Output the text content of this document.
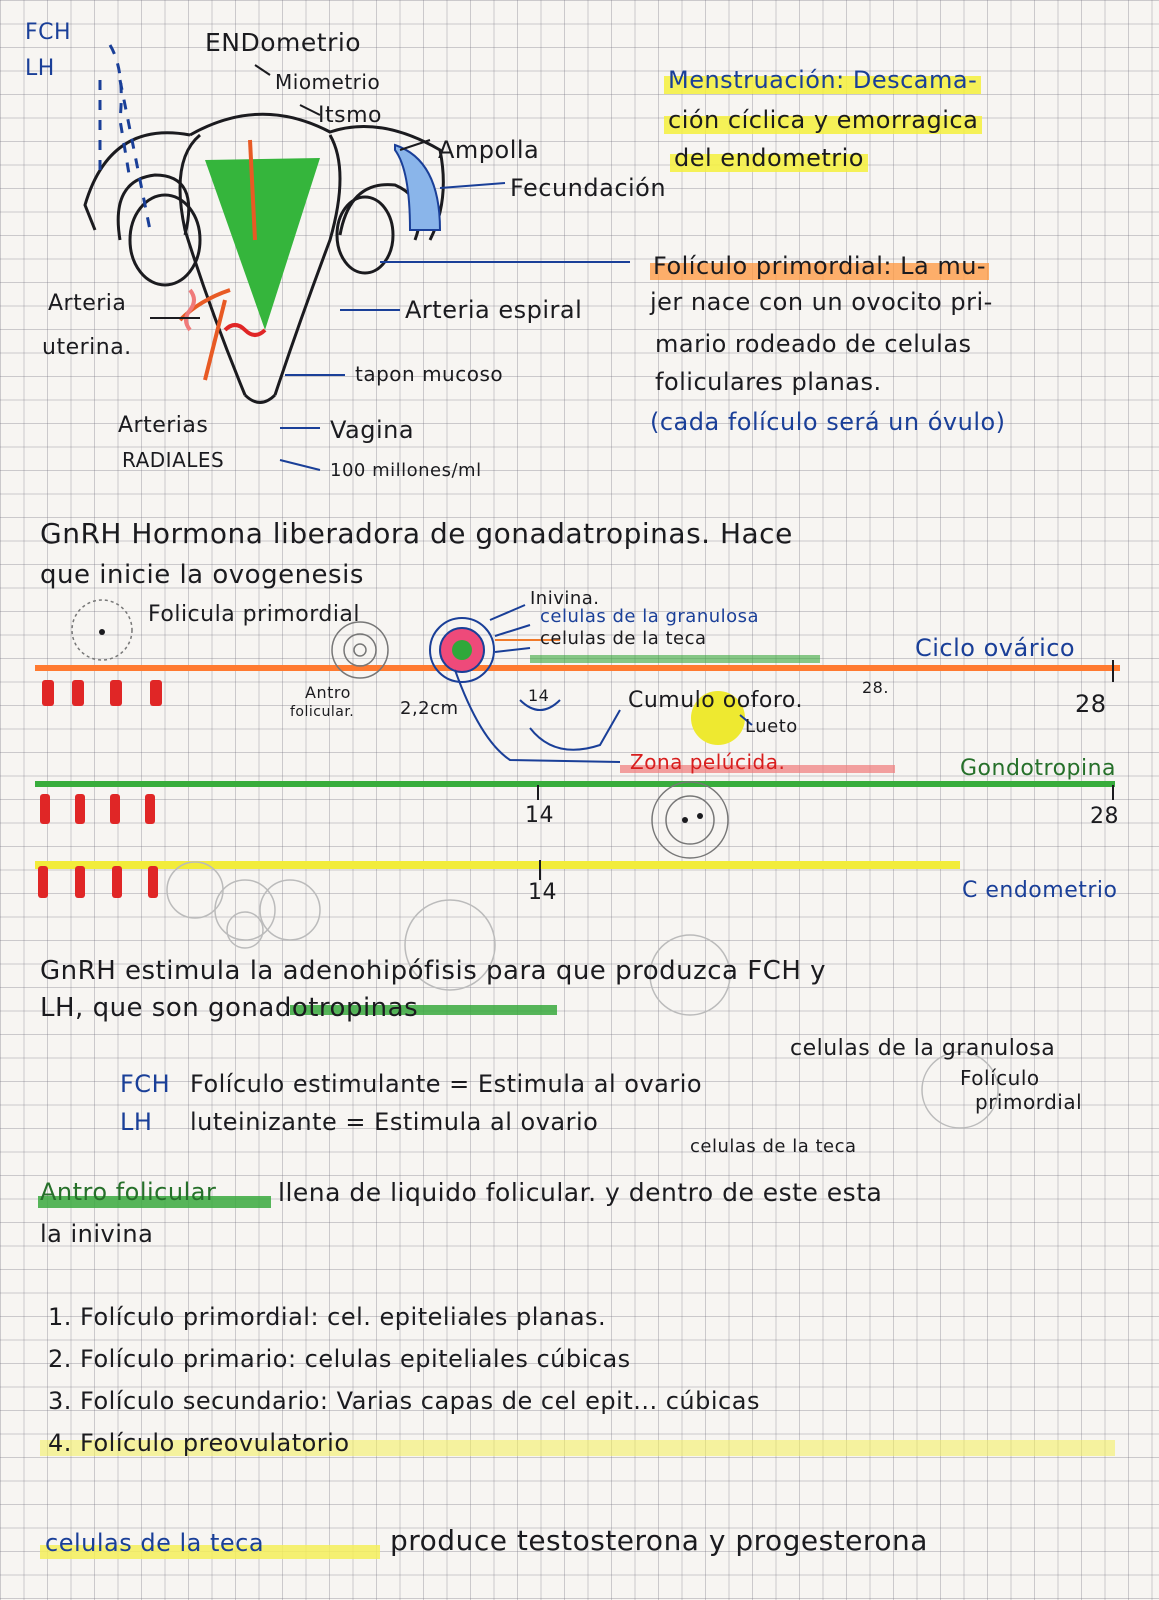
FCH
LH
ENDometrio
Miometrio
Itsmo
Ampolla
Fecundación
Arteria
uterina.
Arteria espiral
tapon mucoso
Arterias
RADIALES
Vagina
100 millones/ml
Menstruación: Descama-
ción cíclica y emorragica
del endometrio
Folículo primordial: La mu-
jer nace con un ovocito pri-
mario rodeado de celulas
foliculares planas.
(cada folículo será un óvulo)
GnRH Hormona liberadora de gonadatropinas. Hace
que inicie la ovogenesis
Folicula primordial
Inivina.
celulas de la granulosa
celulas de la teca	Ciclo ovárico
Antro
folicular.	2,2cm	Cumulo ooforo.
28.
28
Lueto
Zona pelúcida.
14
Gondotropina
14	28
14	C endometrio
GnRH estimula la adenohipófisis para que produzca FCH y
LH, que son gonadotropinas
celulas de la granulosa
FCH Folículo estimulante = Estimula al ovario	Folículo
primordial
LH luteinizante = Estimula al ovario
celulas de la teca
Antro folicular llena de liquido folicular. y dentro de este esta
la inivina
1. Folículo primordial: cel. epiteliales planas.
2. Folículo primario: celulas epiteliales cúbicas
3. Folículo secundario: Varias capas de cel epit... cúbicas
4. Folículo preovulatorio
celulas de la teca	produce testosterona y progesterona
